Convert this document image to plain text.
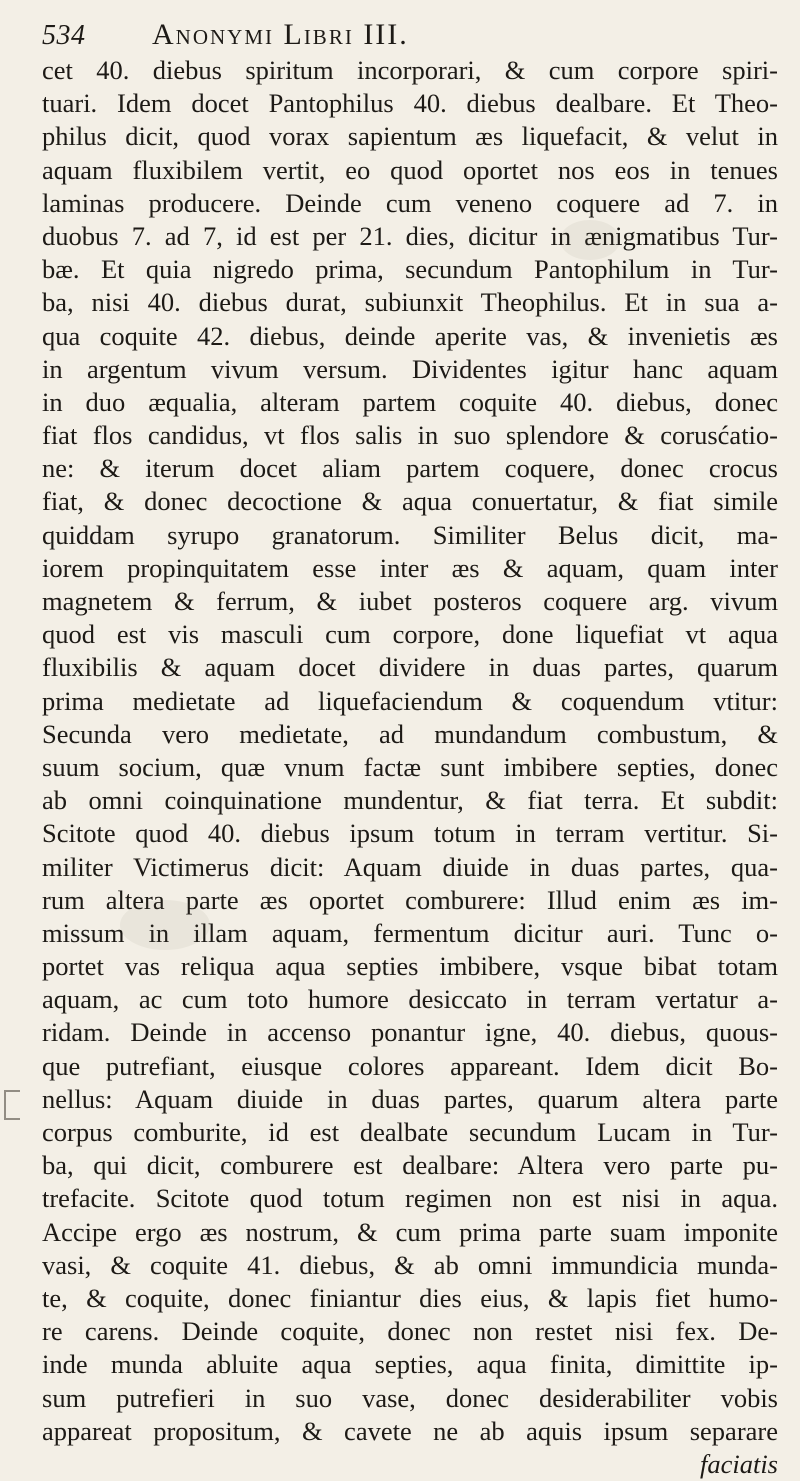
534	Anonymi Libri III.
cet 40. diebus spiritum incorporari, & cum corpore spiri-
tuari. Idem docet Pantophilus 40. diebus dealbare. Et Theo-
philus dicit, quod vorax sapientum æs liquefacit, & velut in
aquam fluxibilem vertit, eo quod oportet nos eos in tenues
laminas producere. Deinde cum veneno coquere ad 7. in
duobus 7. ad 7, id est per 21. dies, dicitur in ænigmatibus Tur-
bæ. Et quia nigredo prima, secundum Pantophilum in Tur-
ba, nisi 40. diebus durat, subiunxit Theophilus. Et in sua a-
qua coquite 42. diebus, deinde aperite vas, & invenietis æs
in argentum vivum versum. Dividentes igitur hanc aquam
in duo æqualia, alteram partem coquite 40. diebus, donec
fiat flos candidus, vt flos salis in suo splendore & corusćatio-
ne: & iterum docet aliam partem coquere, donec crocus
fiat, & donec decoctione & aqua conuertatur, & fiat simile
quiddam syrupo granatorum. Similiter Belus dicit, ma-
iorem propinquitatem esse inter æs & aquam, quam inter
magnetem & ferrum, & iubet posteros coquere arg. vivum
quod est vis masculi cum corpore, done liquefiat vt aqua
fluxibilis & aquam docet dividere in duas partes, quarum
prima medietate ad liquefaciendum & coquendum vtitur:
Secunda vero medietate, ad mundandum combustum, &
suum socium, quæ vnum factæ sunt imbibere septies, donec
ab omni coinquinatione mundentur, & fiat terra. Et subdit:
Scitote quod 40. diebus ipsum totum in terram vertitur. Si-
militer Victimerus dicit: Aquam diuide in duas partes, qua-
rum altera parte æs oportet comburere: Illud enim æs im-
missum in illam aquam, fermentum dicitur auri. Tunc o-
portet vas reliqua aqua septies imbibere, vsque bibat totam
aquam, ac cum toto humore desiccato in terram vertatur a-
ridam. Deinde in accenso ponantur igne, 40. diebus, quous-
que putrefiant, eiusque colores appareant. Idem dicit Bo-
nellus: Aquam diuide in duas partes, quarum altera parte
corpus comburite, id est dealbate secundum Lucam in Tur-
ba, qui dicit, comburere est dealbare: Altera vero parte pu-
trefacite. Scitote quod totum regimen non est nisi in aqua.
Accipe ergo æs nostrum, & cum prima parte suam imponite
vasi, & coquite 41. diebus, & ab omni immundicia munda-
te, & coquite, donec finiantur dies eius, & lapis fiet humo-
re carens. Deinde coquite, donec non restet nisi fex. De-
inde munda abluite aqua septies, aqua finita, dimittite ip-
sum putrefieri in suo vase, donec desiderabiliter vobis
appareat propositum, & cavete ne ab aquis ipsum separare
faciatis
